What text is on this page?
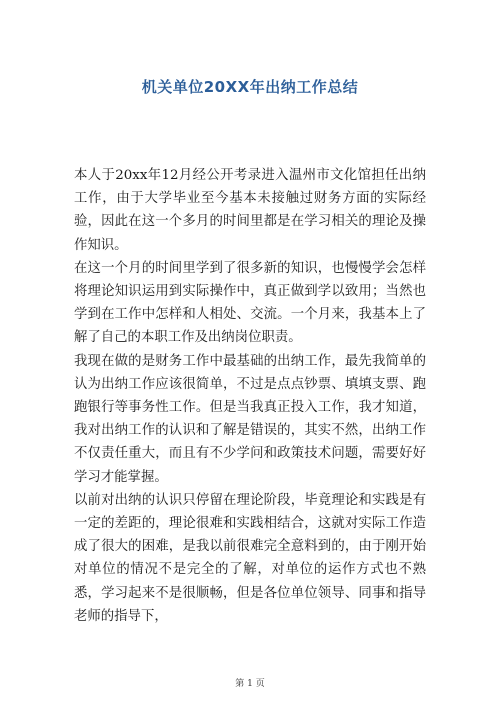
机关单位20XX年出纳工作总结

本人于20xx年12月经公开考录进入温州市文化馆担任出纳工作，由于大学毕业至今基本未接触过财务方面的实际经验，因此在这一个多月的时间里都是在学习相关的理论及操作知识。

在这一个月的时间里学到了很多新的知识，也慢慢学会怎样将理论知识运用到实际操作中，真正做到学以致用；当然也学到在工作中怎样和人相处、交流。一个月来，我基本上了解了自己的本职工作及出纳岗位职责。

我现在做的是财务工作中最基础的出纳工作，最先我简单的认为出纳工作应该很简单，不过是点点钞票、填填支票、跑跑银行等事务性工作。但是当我真正投入工作，我才知道，我对出纳工作的认识和了解是错误的，其实不然，出纳工作不仅责任重大，而且有不少学问和政策技术问题，需要好好学习才能掌握。

以前对出纳的认识只停留在理论阶段，毕竟理论和实践是有一定的差距的，理论很难和实践相结合，这就对实际工作造成了很大的困难，是我以前很难完全意料到的，由于刚开始对单位的情况不是完全的了解，对单位的运作方式也不熟悉，学习起来不是很顺畅，但是各位单位领导、同事和指导老师的指导下，

第 1 页
